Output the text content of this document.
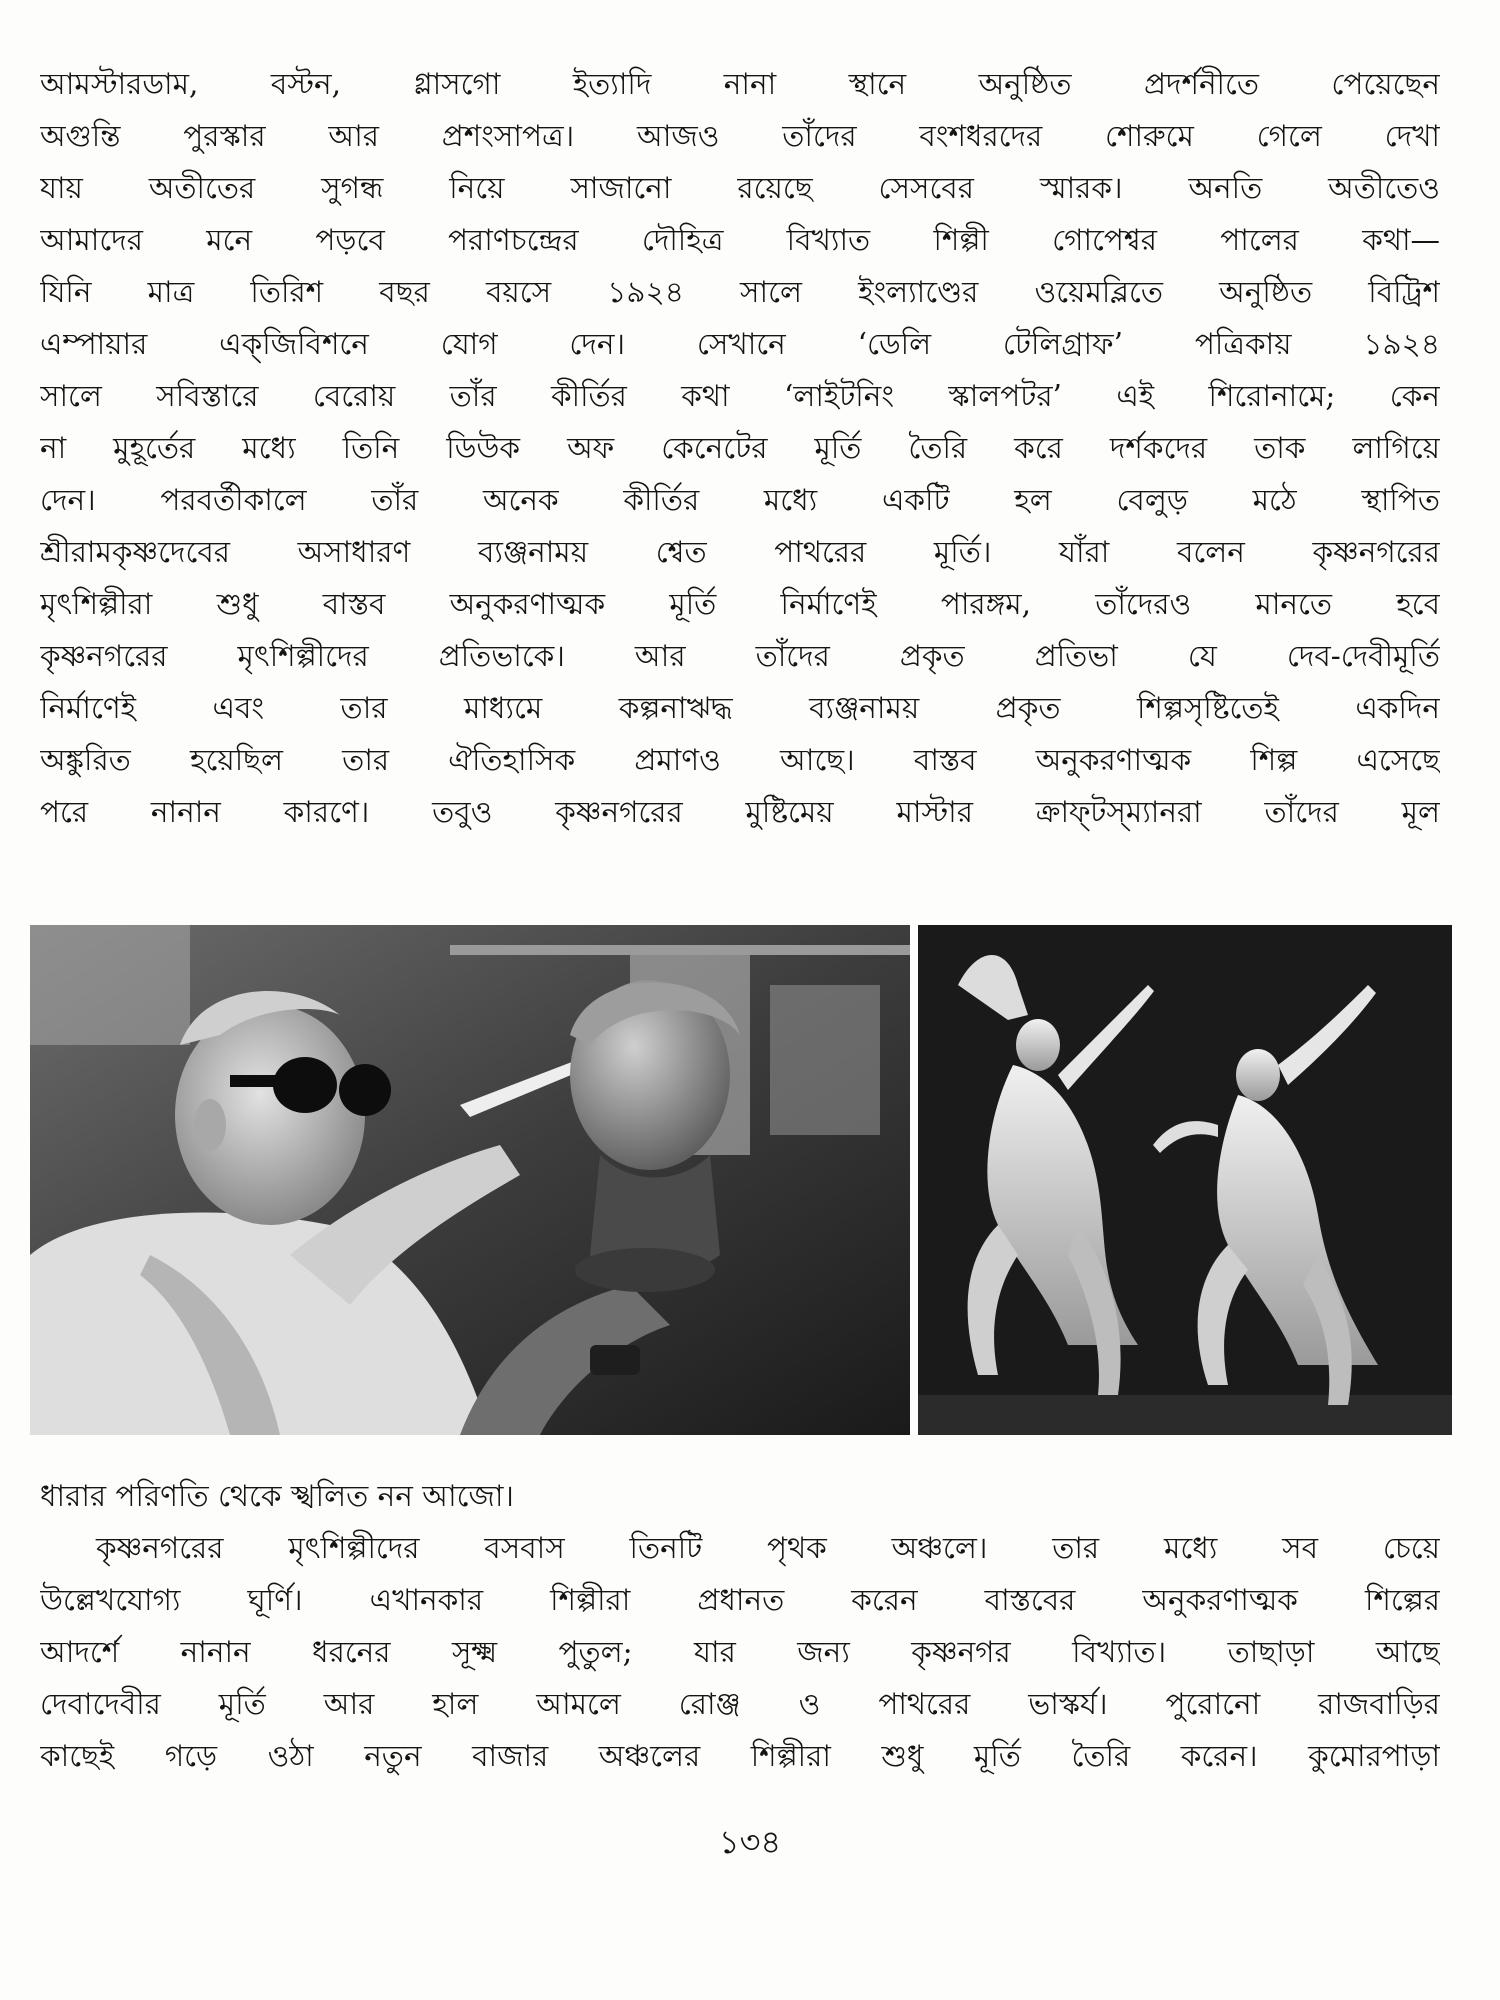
আমস্টারডাম, বস্টন, গ্লাসগো ইত্যাদি নানা স্থানে অনুষ্ঠিত প্রদর্শনীতে পেয়েছেন
অগুন্তি পুরস্কার আর প্রশংসাপত্র। আজও তাঁদের বংশধরদের শোরুমে গেলে দেখা
যায় অতীতের সুগন্ধ নিয়ে সাজানো রয়েছে সেসবের স্মারক। অনতি অতীতেও
আমাদের মনে পড়বে পরাণচন্দ্রের দৌহিত্র বিখ্যাত শিল্পী গোপেশ্বর পালের কথা—
যিনি মাত্র তিরিশ বছর বয়সে ১৯২৪ সালে ইংল্যাণ্ডের ওয়েমব্লিতে অনুষ্ঠিত বিট্রিশ
এম্পায়ার এক্‌জিবিশনে যোগ দেন। সেখানে ‘ডেলি টেলিগ্রাফ’ পত্রিকায় ১৯২৪
সালে সবিস্তারে বেরোয় তাঁর কীর্তির কথা ‘লাইটনিং স্কালপটর’ এই শিরোনামে; কেন
না মুহূর্তের মধ্যে তিনি ডিউক অফ কেনেটের মূর্তি তৈরি করে দর্শকদের তাক লাগিয়ে
দেন। পরবর্তীকালে তাঁর অনেক কীর্তির মধ্যে একটি হল বেলুড় মঠে স্থাপিত
শ্রীরামকৃষ্ণদেবের অসাধারণ ব্যঞ্জনাময় শ্বেত পাথরের মূর্তি। যাঁরা বলেন কৃষ্ণনগরের
মৃৎশিল্পীরা শুধু বাস্তব অনুকরণাত্মক মূর্তি নির্মাণেই পারঙ্গম, তাঁদেরও মানতে হবে
কৃষ্ণনগরের মৃৎশিল্পীদের প্রতিভাকে। আর তাঁদের প্রকৃত প্রতিভা যে দেব-দেবীমূর্তি
নির্মাণেই এবং তার মাধ্যমে কল্পনাঋদ্ধ ব্যঞ্জনাময় প্রকৃত শিল্পসৃষ্টিতেই একদিন
অঙ্কুরিত হয়েছিল তার ঐতিহাসিক প্রমাণও আছে। বাস্তব অনুকরণাত্মক শিল্প এসেছে
পরে নানান কারণে। তবুও কৃষ্ণনগরের মুষ্টিমেয় মাস্টার ক্রাফ্‌টস্‌ম্যানরা তাঁদের মূল
ধারার পরিণতি থেকে স্খলিত নন আজো।
কৃষ্ণনগরের মৃৎশিল্পীদের বসবাস তিনটি পৃথক অঞ্চলে। তার মধ্যে সব চেয়ে
উল্লেখযোগ্য ঘূর্ণি। এখানকার শিল্পীরা প্রধানত করেন বাস্তবের অনুকরণাত্মক শিল্পের
আদর্শে নানান ধরনের সূক্ষ্ম পুতুল; যার জন্য কৃষ্ণনগর বিখ্যাত। তাছাড়া আছে
দেবাদেবীর মূর্তি আর হাল আমলে রোঞ্জ ও পাথরের ভাস্কর্য। পুরোনো রাজবাড়ির
কাছেই গড়ে ওঠা নতুন বাজার অঞ্চলের শিল্পীরা শুধু মূর্তি তৈরি করেন। কুমোরপাড়া
১৩৪
